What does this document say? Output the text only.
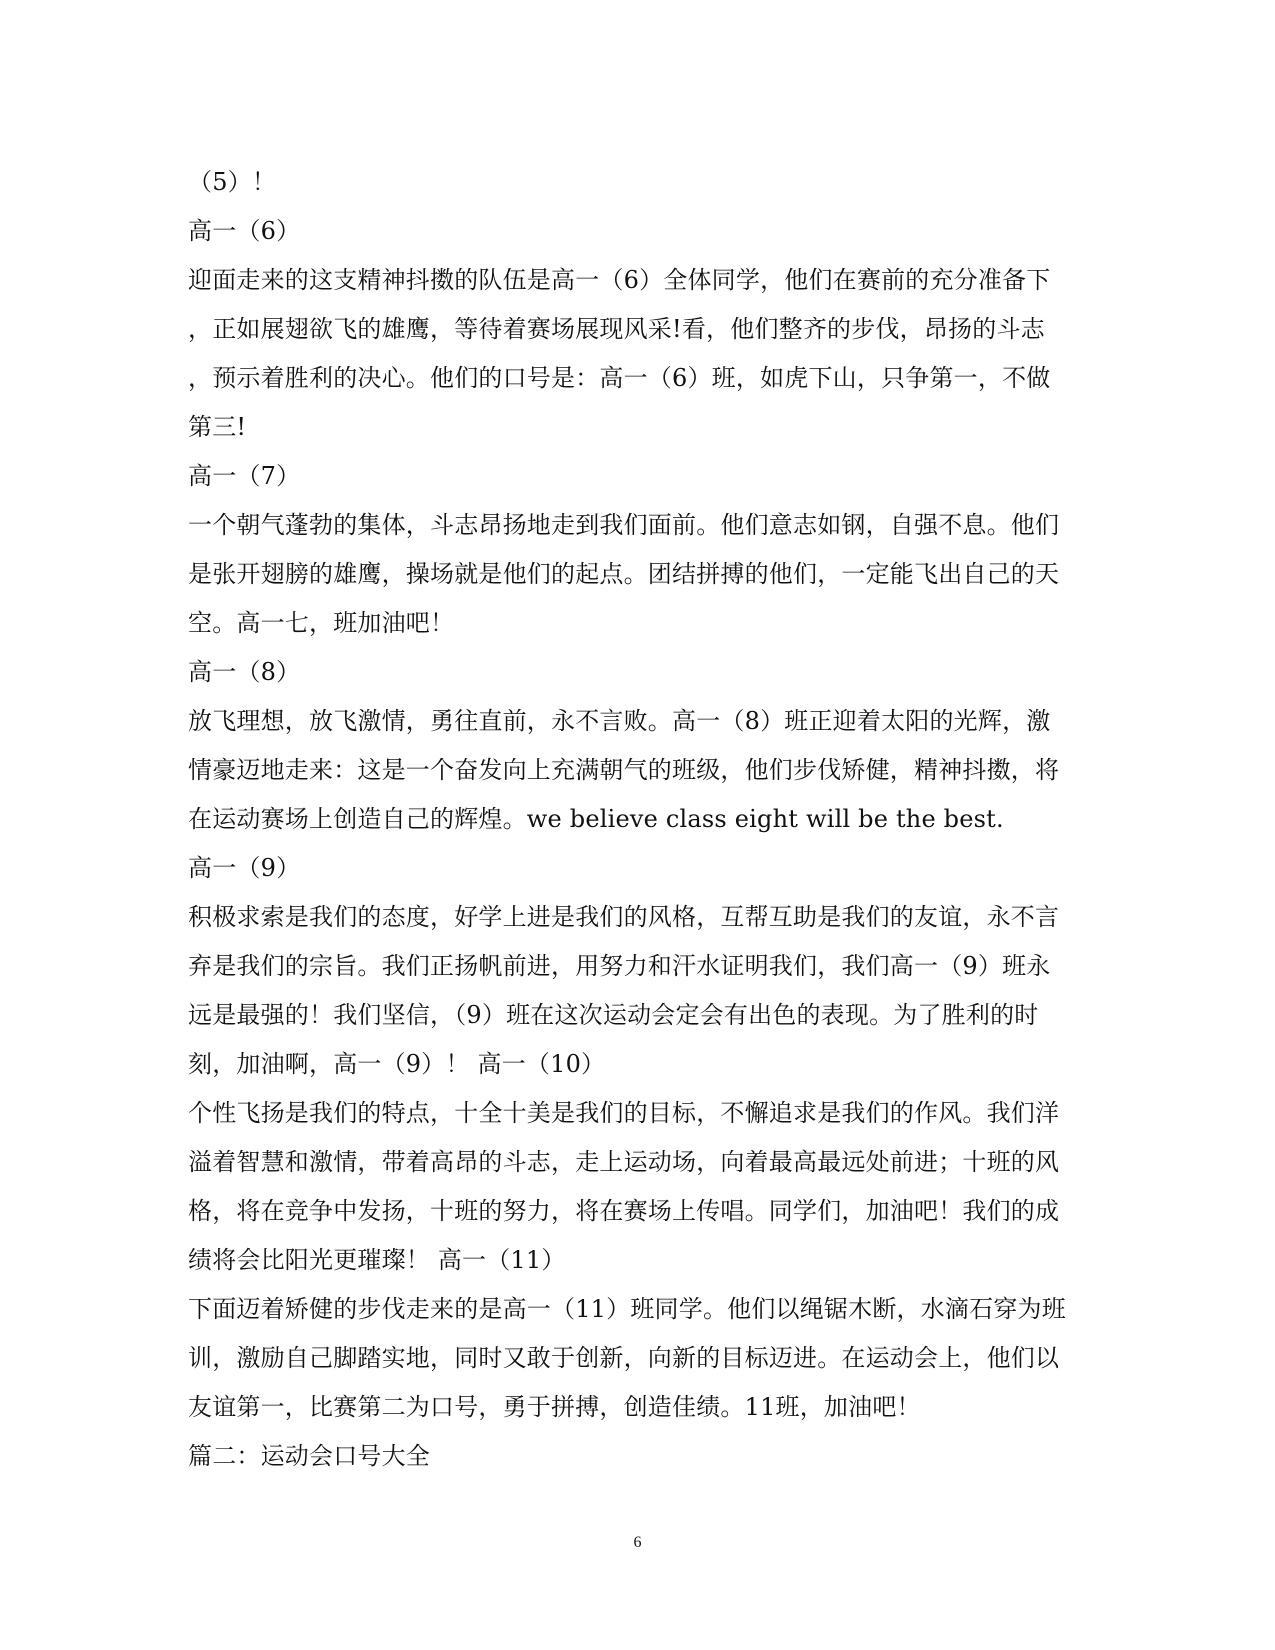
（5）！
高一（6）
迎面走来的这支精神抖擞的队伍是高一（6）全体同学，他们在赛前的充分准备下
，正如展翅欲飞的雄鹰，等待着赛场展现风采!看，他们整齐的步伐，昂扬的斗志
，预示着胜利的决心。他们的口号是：高一（6）班，如虎下山，只争第一，不做
第三!
高一（7）
一个朝气蓬勃的集体，斗志昂扬地走到我们面前。他们意志如钢，自强不息。他们
是张开翅膀的雄鹰，操场就是他们的起点。团结拼搏的他们，一定能飞出自己的天
空。高一七，班加油吧！
高一（8）
放飞理想，放飞激情，勇往直前，永不言败。高一（8）班正迎着太阳的光辉，激
情豪迈地走来：这是一个奋发向上充满朝气的班级，他们步伐矫健，精神抖擞，将
在运动赛场上创造自己的辉煌。we believe class eight will be the best.
高一（9）
积极求索是我们的态度，好学上进是我们的风格，互帮互助是我们的友谊，永不言
弃是我们的宗旨。我们正扬帆前进，用努力和汗水证明我们，我们高一（9）班永
远是最强的！我们坚信，（9）班在这次运动会定会有出色的表现。为了胜利的时
刻，加油啊，高一（9）！ 高一（10）
个性飞扬是我们的特点，十全十美是我们的目标，不懈追求是我们的作风。我们洋
溢着智慧和激情，带着高昂的斗志，走上运动场，向着最高最远处前进；十班的风
格，将在竞争中发扬，十班的努力，将在赛场上传唱。同学们，加油吧！我们的成
绩将会比阳光更璀璨！ 高一（11）
下面迈着矫健的步伐走来的是高一（11）班同学。他们以绳锯木断，水滴石穿为班
训，激励自己脚踏实地，同时又敢于创新，向新的目标迈进。在运动会上，他们以
友谊第一，比赛第二为口号，勇于拼搏，创造佳绩。11班，加油吧！
篇二：运动会口号大全
6
